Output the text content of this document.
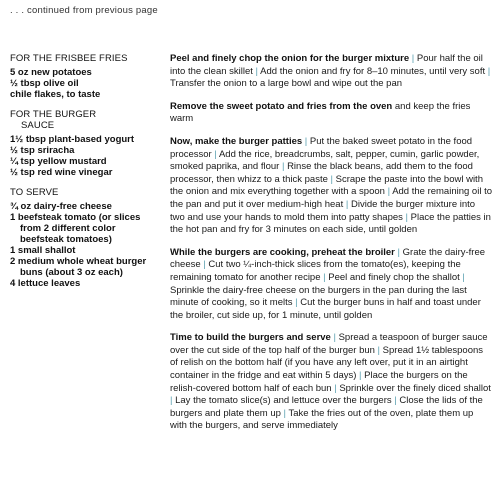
. . . continued from previous page
FOR THE FRISBEE FRIES
5 oz new potatoes
½ tbsp olive oil
chile flakes, to taste
FOR THE BURGER
SAUCE
1½ tbsp plant-based yogurt
½ tsp sriracha
¼ tsp yellow mustard
½ tsp red wine vinegar
TO SERVE
¾ oz dairy-free cheese
1 beefsteak tomato (or slices from 2 different color beefsteak tomatoes)
1 small shallot
2 medium whole wheat burger buns (about 3 oz each)
4 lettuce leaves

Peel and finely chop the onion for the burger mixture | Pour half the oil into the clean skillet | Add the onion and fry for 8–10 minutes, until very soft | Transfer the onion to a large bowl and wipe out the pan

Remove the sweet potato and fries from the oven and keep the fries warm

Now, make the burger patties | Put the baked sweet potato in the food processor | Add the rice, breadcrumbs, salt, pepper, cumin, garlic powder, smoked paprika, and flour | Rinse the black beans, add them to the food processor, then whizz to a thick paste | Scrape the paste into the bowl with the onion and mix everything together with a spoon | Add the remaining oil to the pan and put it over medium-high heat | Divide the burger mixture into two and use your hands to mold them into patty shapes | Place the patties in the hot pan and fry for 3 minutes on each side, until golden

While the burgers are cooking, preheat the broiler | Grate the dairy-free cheese | Cut two ¼-inch-thick slices from the tomato(es), keeping the remaining tomato for another recipe | Peel and finely chop the shallot | Sprinkle the dairy-free cheese on the burgers in the pan during the last minute of cooking, so it melts | Cut the burger buns in half and toast under the broiler, cut side up, for 1 minute, until golden

Time to build the burgers and serve | Spread a teaspoon of burger sauce over the cut side of the top half of the burger bun | Spread 1½ tablespoons of relish on the bottom half (if you have any left over, put it in an airtight container in the fridge and eat within 5 days) | Place the burgers on the relish-covered bottom half of each bun | Sprinkle over the finely diced shallot | Lay the tomato slice(s) and lettuce over the burgers | Close the lids of the burgers and plate them up | Take the fries out of the oven, plate them up with the burgers, and serve immediately
